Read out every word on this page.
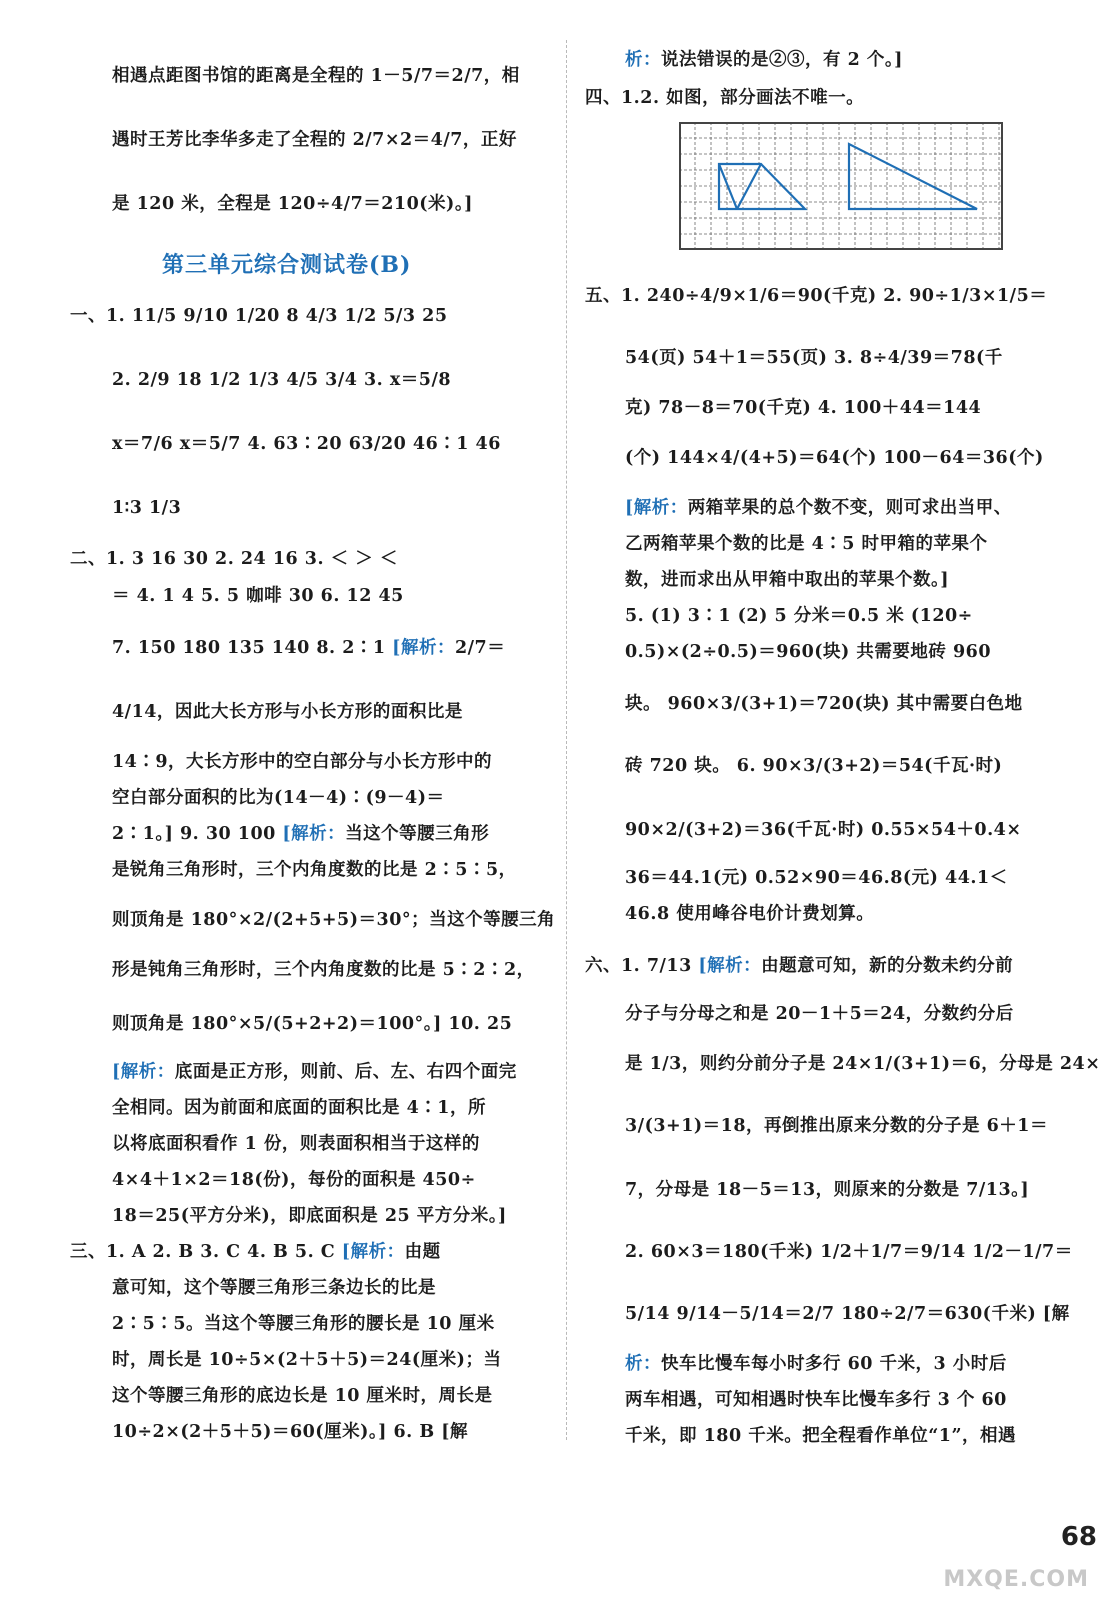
相遇点距图书馆的距离是全程的 1－5/7＝2/7，相
遇时王芳比李华多走了全程的 2/7×2＝4/7，正好
是 120 米，全程是 120÷4/7＝210(米)。]
第三单元综合测试卷(B)
一、1. 11/5 9/10 1/20 8 4/3 1/2 5/3 25
2. 2/9 18 1/2 1/3 4/5 3/4 3. x＝5/8
x＝7/6 x＝5/7 4. 63∶20 63/20 46∶1 46
1∶3 1/3
二、1. 3 16 30 2. 24 16 3. ＜ ＞ ＜
＝ 4. 1 4 5. 5 咖啡 30 6. 12 45
7. 150 180 135 140 8. 2∶1 [解析：2/7＝
4/14，因此大长方形与小长方形的面积比是
14∶9，大长方形中的空白部分与小长方形中的
空白部分面积的比为(14－4)∶(9－4)＝
2∶1。] 9. 30 100 [解析：当这个等腰三角形
是锐角三角形时，三个内角度数的比是 2∶5∶5，
则顶角是 180°×2/(2+5+5)＝30°；当这个等腰三角
形是钝角三角形时，三个内角度数的比是 5∶2∶2，
则顶角是 180°×5/(5+2+2)＝100°。] 10. 25
[解析：底面是正方形，则前、后、左、右四个面完
全相同。因为前面和底面的面积比是 4∶1，所
以将底面积看作 1 份，则表面积相当于这样的
4×4＋1×2＝18(份)，每份的面积是 450÷
18＝25(平方分米)，即底面积是 25 平方分米。]
三、1. A 2. B 3. C 4. B 5. C [解析：由题
意可知，这个等腰三角形三条边长的比是
2∶5∶5。当这个等腰三角形的腰长是 10 厘米
时，周长是 10÷5×(2＋5＋5)＝24(厘米)；当
这个等腰三角形的底边长是 10 厘米时，周长是
10÷2×(2＋5＋5)＝60(厘米)。] 6. B [解
析：说法错误的是②③，有 2 个。]
四、1.2. 如图，部分画法不唯一。
五、1. 240÷4/9×1/6＝90(千克) 2. 90÷1/3×1/5＝
54(页) 54＋1＝55(页) 3. 8÷4/39＝78(千
克) 78－8＝70(千克) 4. 100＋44＝144
(个) 144×4/(4+5)＝64(个) 100－64＝36(个)
[解析：两箱苹果的总个数不变，则可求出当甲、
乙两箱苹果个数的比是 4∶5 时甲箱的苹果个
数，进而求出从甲箱中取出的苹果个数。]
5. (1) 3∶1 (2) 5 分米＝0.5 米 (120÷
0.5)×(2÷0.5)＝960(块) 共需要地砖 960
块。 960×3/(3+1)＝720(块) 其中需要白色地
砖 720 块。 6. 90×3/(3+2)＝54(千瓦·时)
90×2/(3+2)＝36(千瓦·时) 0.55×54＋0.4×
36＝44.1(元) 0.52×90＝46.8(元) 44.1＜
46.8 使用峰谷电价计费划算。
六、1. 7/13 [解析：由题意可知，新的分数未约分前
分子与分母之和是 20－1＋5＝24，分数约分后
是 1/3，则约分前分子是 24×1/(3+1)＝6，分母是 24×
3/(3+1)＝18，再倒推出原来分数的分子是 6＋1＝
7，分母是 18－5＝13，则原来的分数是 7/13。]
2. 60×3＝180(千米) 1/2＋1/7＝9/14 1/2－1/7＝
5/14 9/14－5/14＝2/7 180÷2/7＝630(千米) [解
析：快车比慢车每小时多行 60 千米，3 小时后
两车相遇，可知相遇时快车比慢车多行 3 个 60
千米，即 180 千米。把全程看作单位“1”，相遇
68
MXQE.COM
